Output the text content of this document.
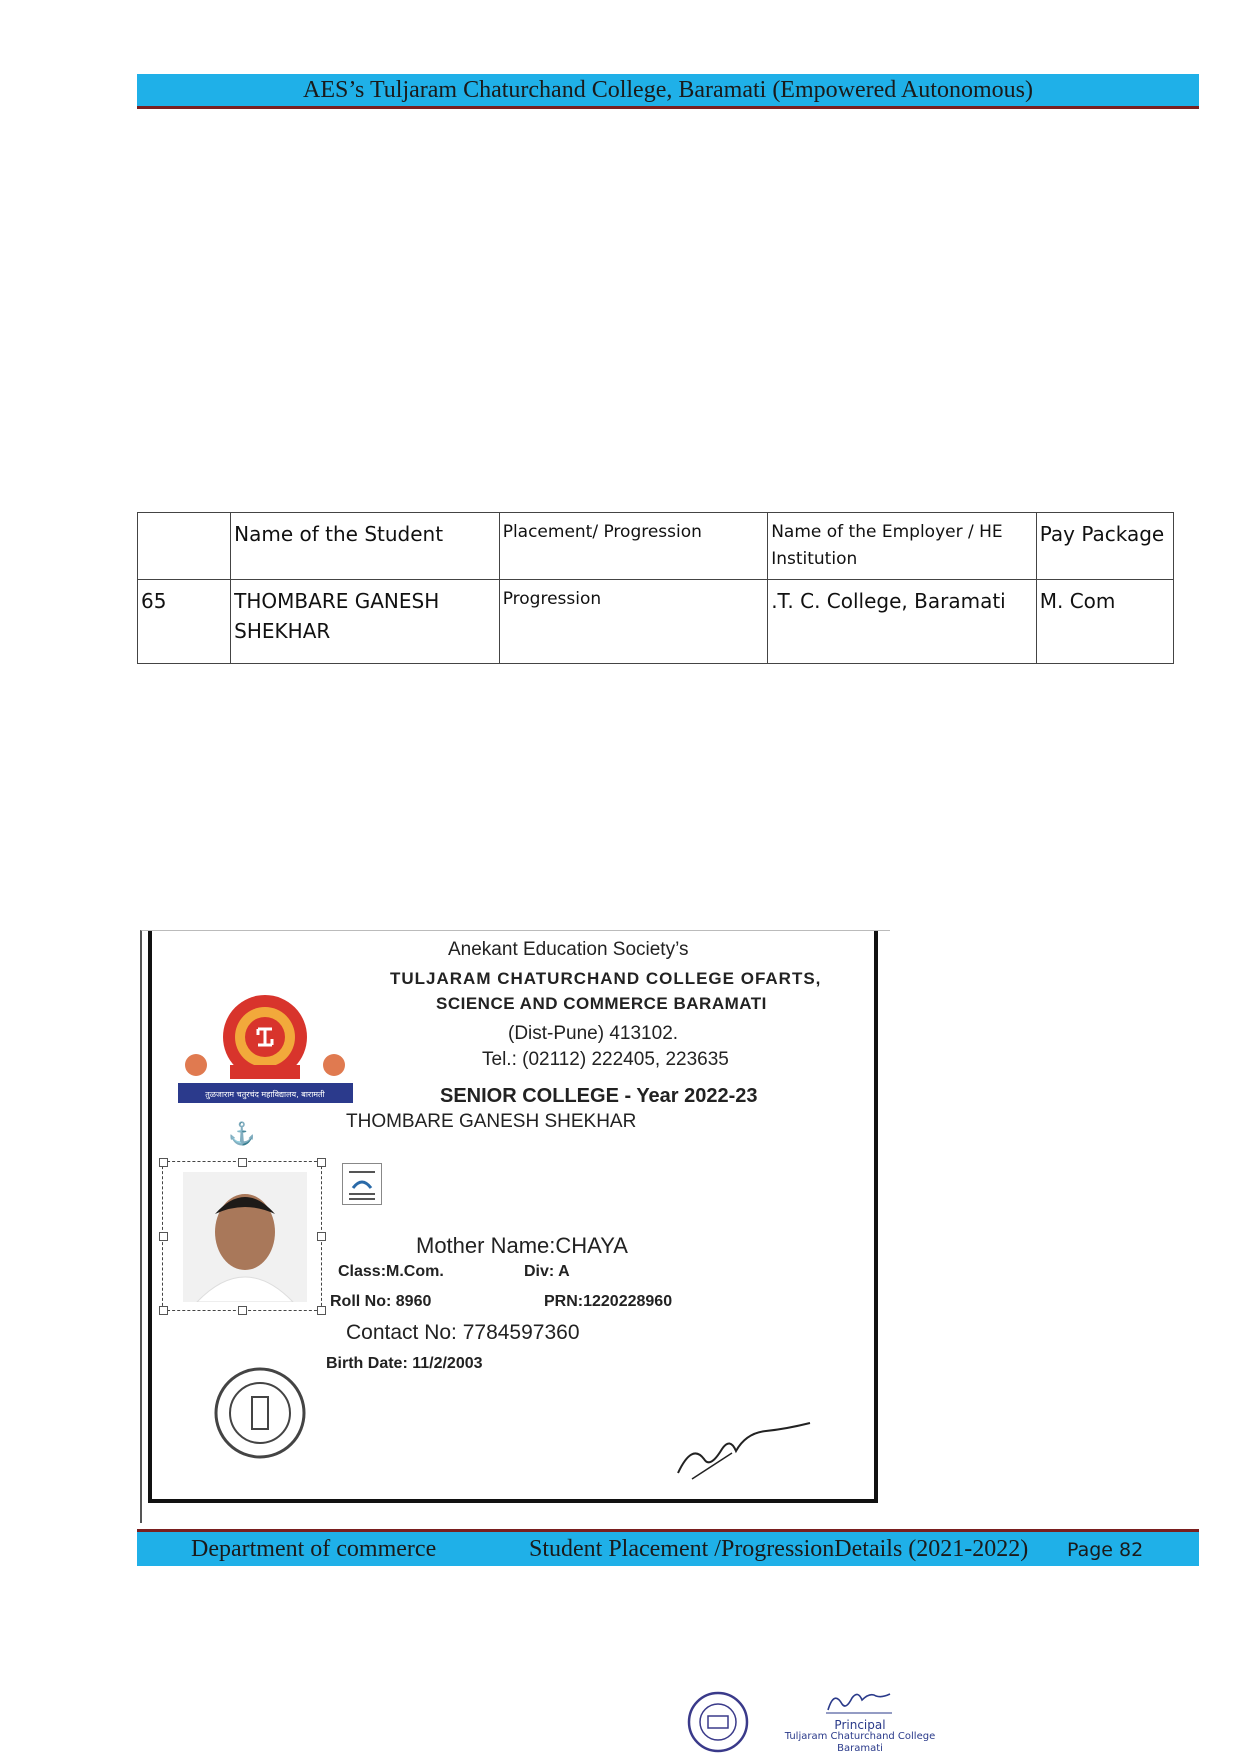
AES’s Tuljaram Chaturchand College, Baramati (Empowered Autonomous)
	Name of the Student	Placement/ Progression	Name of the Employer / HE Institution	Pay Package
65	THOMBARE GANESH SHEKHAR	Progression	.T. C. College, Baramati	M. Com
तुळजाराम चतुरचंद महाविद्यालय, बारामती
Anekant Education Society’s
TULJARAM CHATURCHAND COLLEGE OFARTS,
SCIENCE AND COMMERCE BARAMATI
(Dist-Pune) 413102.
Tel.: (02112) 222405, 223635
SENIOR COLLEGE - Year 2022-23
THOMBARE GANESH SHEKHAR
⚓
Mother Name:CHAYA
Class:M.Com.	Div: A
Roll No: 8960	PRN:1220228960
Contact No: 7784597360
Birth Date: 11/2/2003
Department of commerce	Student Placement /ProgressionDetails (2021-2022) Page 82
Principal
Tuljaram Chaturchand College
Baramati
